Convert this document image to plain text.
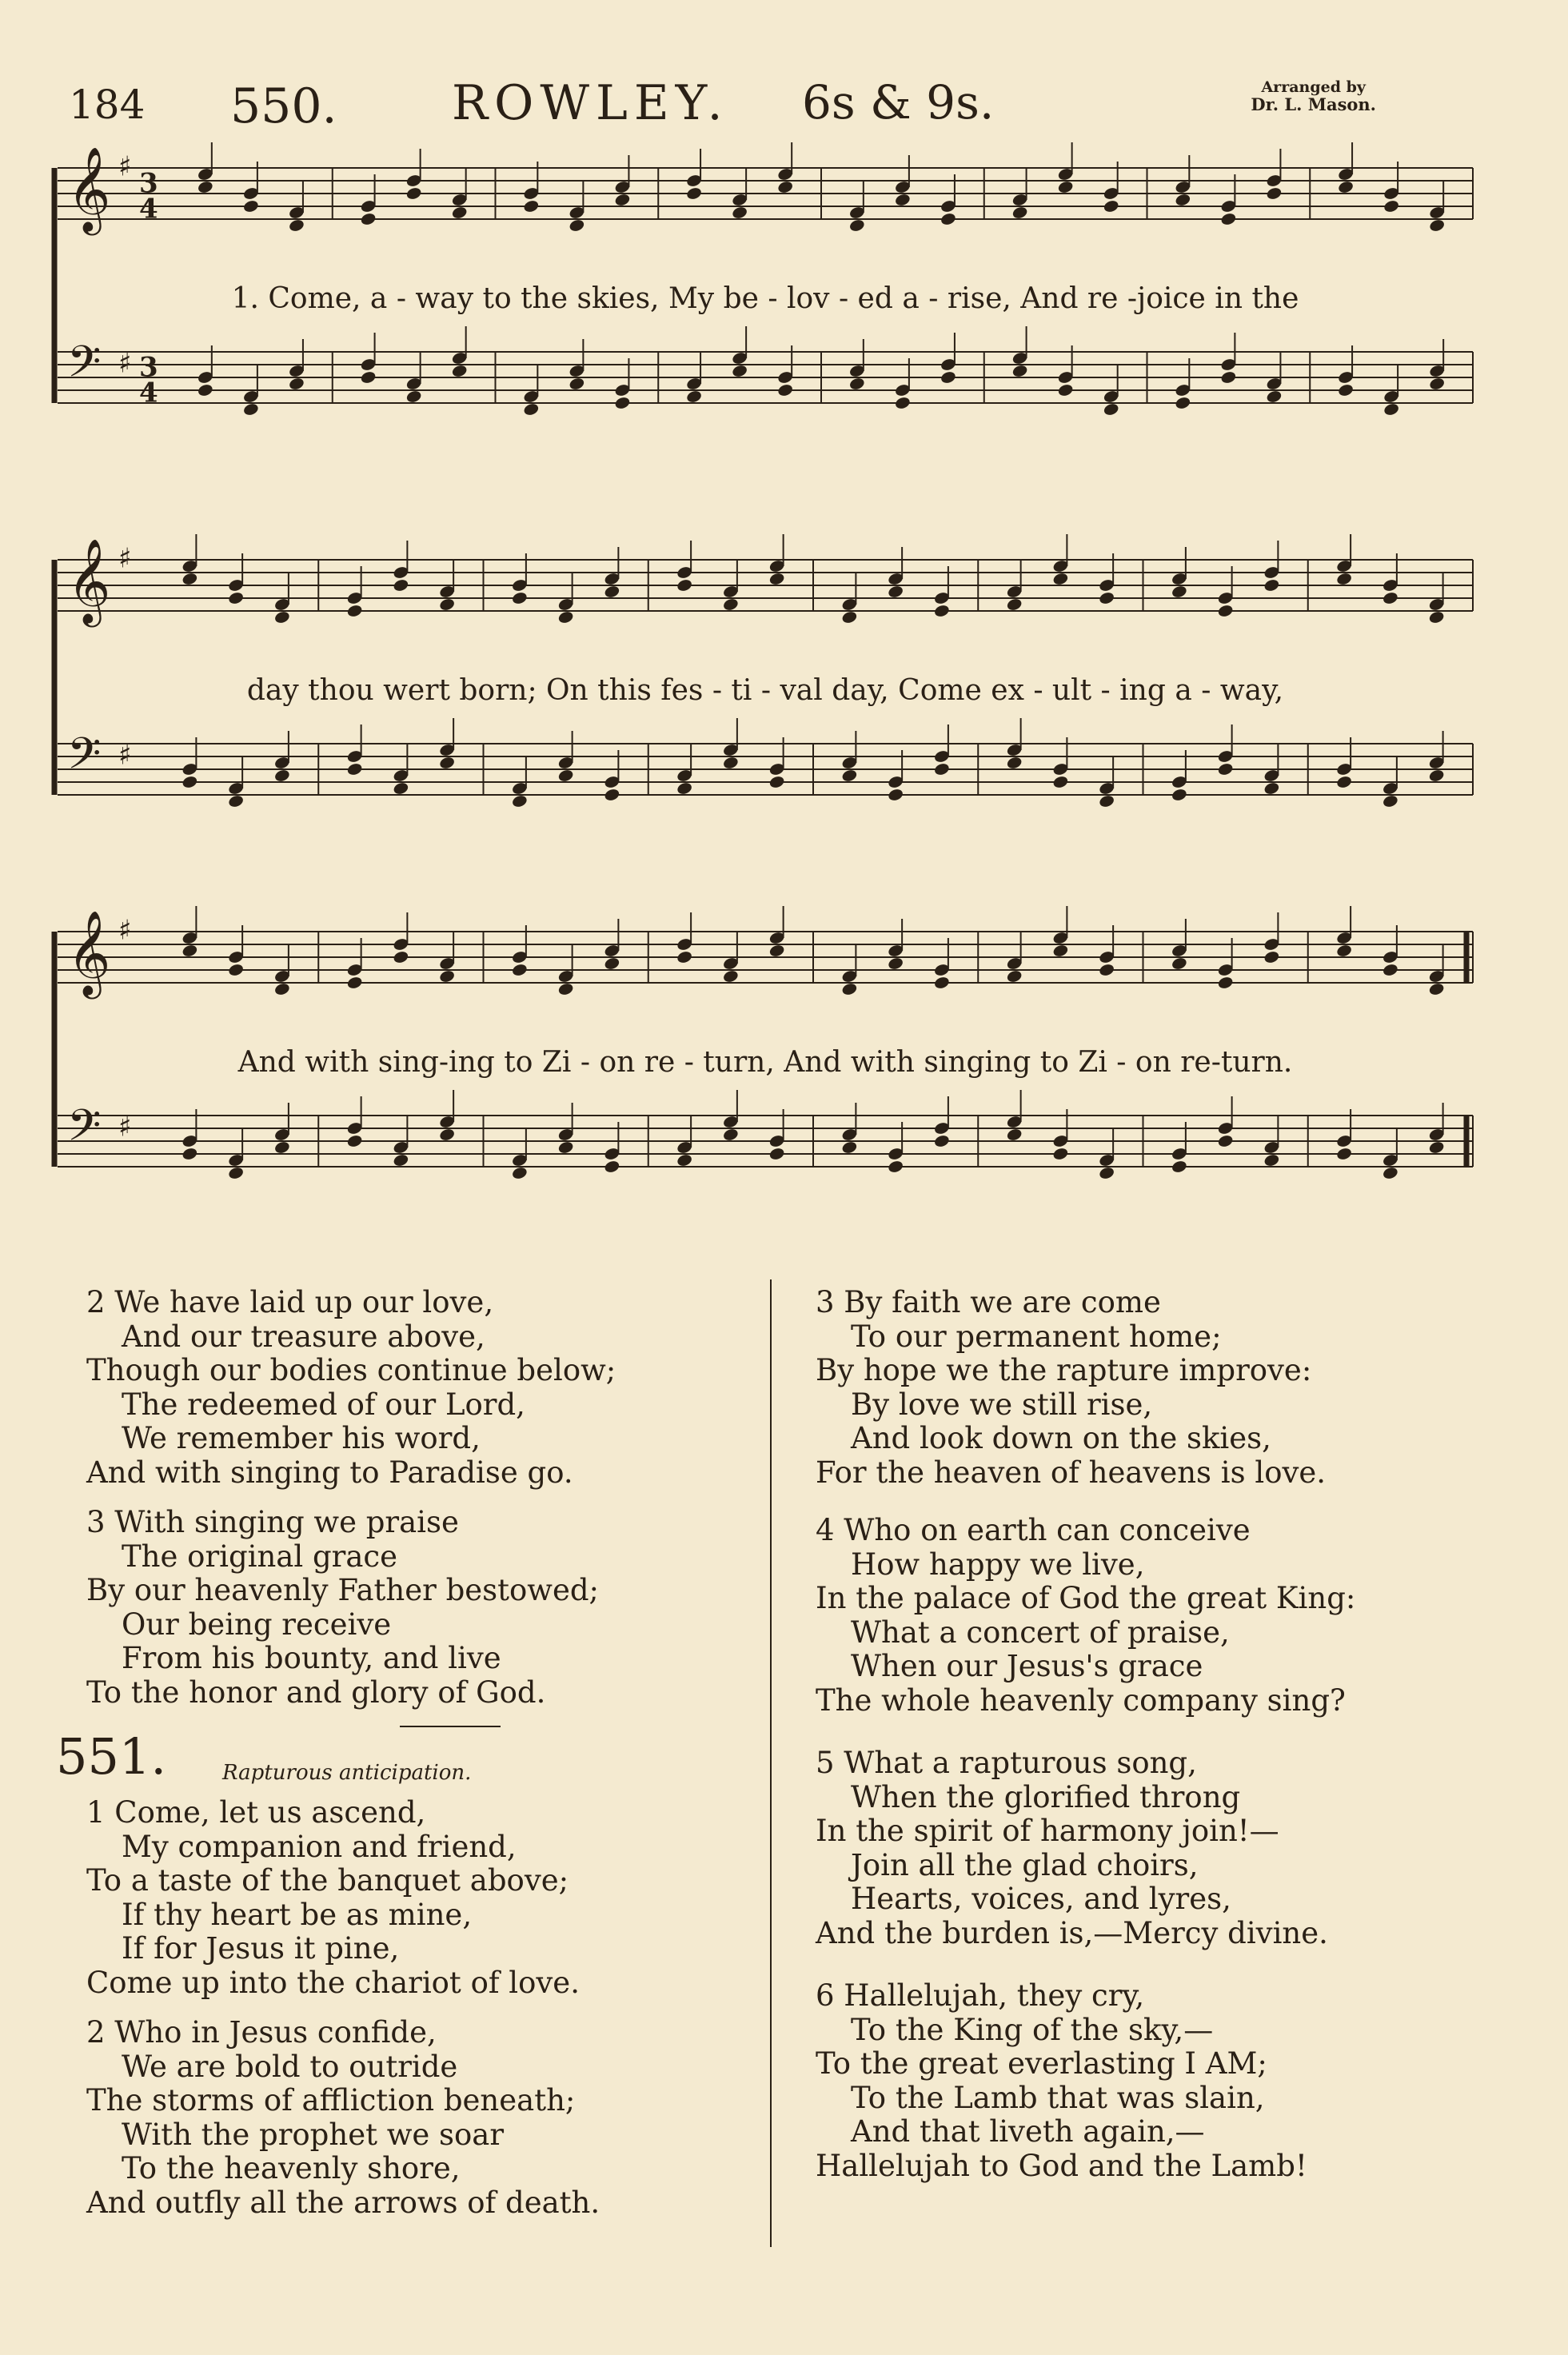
184 550. ROWLEY. 6s & 9s.	Arranged by
Dr. L. Mason.
𝄞 ♯
3
4
𝄢 ♯ 3
4
1. Come, a - way to the skies, My be - lov - ed a - rise, And re -joice in the
𝄞 ♯
𝄢 ♯
day thou wert born; On this fes - ti - val day, Come ex - ult - ing a - way,
𝄞 ♯
𝄢 ♯
And with sing-ing to Zi - on re - turn, And with singing to Zi - on re-turn.
2 We have laid up our love,
And our treasure above,
Though our bodies continue below;
The redeemed of our Lord,
We remember his word,
And with singing to Paradise go.
3 With singing we praise
The original grace
By our heavenly Father bestowed;
Our being receive
From his bounty, and live
To the honor and glory of God.
551.	Rapturous anticipation.
1 Come, let us ascend,
My companion and friend,
To a taste of the banquet above;
If thy heart be as mine,
If for Jesus it pine,
Come up into the chariot of love.
2 Who in Jesus confide,
We are bold to outride
The storms of affliction beneath;
With the prophet we soar
To the heavenly shore,
And outfly all the arrows of death.
3 By faith we are come
To our permanent home;
By hope we the rapture improve:
By love we still rise,
And look down on the skies,
For the heaven of heavens is love.
4 Who on earth can conceive
How happy we live,
In the palace of God the great King:
What a concert of praise,
When our Jesus's grace
The whole heavenly company sing?
5 What a rapturous song,
When the glorified throng
In the spirit of harmony join!—
Join all the glad choirs,
Hearts, voices, and lyres,
And the burden is,—Mercy divine.
6 Hallelujah, they cry,
To the King of the sky,—
To the great everlasting I AM;
To the Lamb that was slain,
And that liveth again,—
Hallelujah to God and the Lamb!
